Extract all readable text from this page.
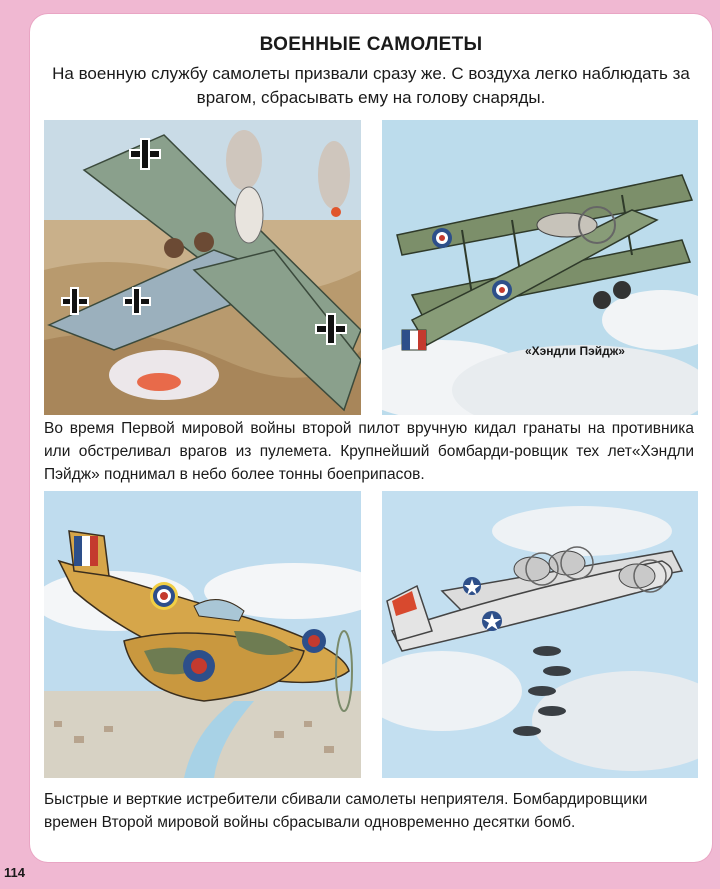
ВОЕННЫЕ САМОЛЕТЫ
На военную службу самолеты призвали сразу же. С воздуха легко наблюдать за врагом, сбрасывать ему на голову снаряды.
«Хэндли Пэйдж»
Во время Первой мировой войны второй пилот вручную кидал гранаты на противника или обстреливал врагов из пулемета. Крупнейший бомбарди-ровщик тех лет«Хэндли Пэйдж» поднимал в небо более тонны боеприпасов.
Быстрые и верткие истребители сбивали самолеты неприятеля. Бомбардировщики времен Второй мировой войны сбрасывали одновременно десятки бомб.
114
